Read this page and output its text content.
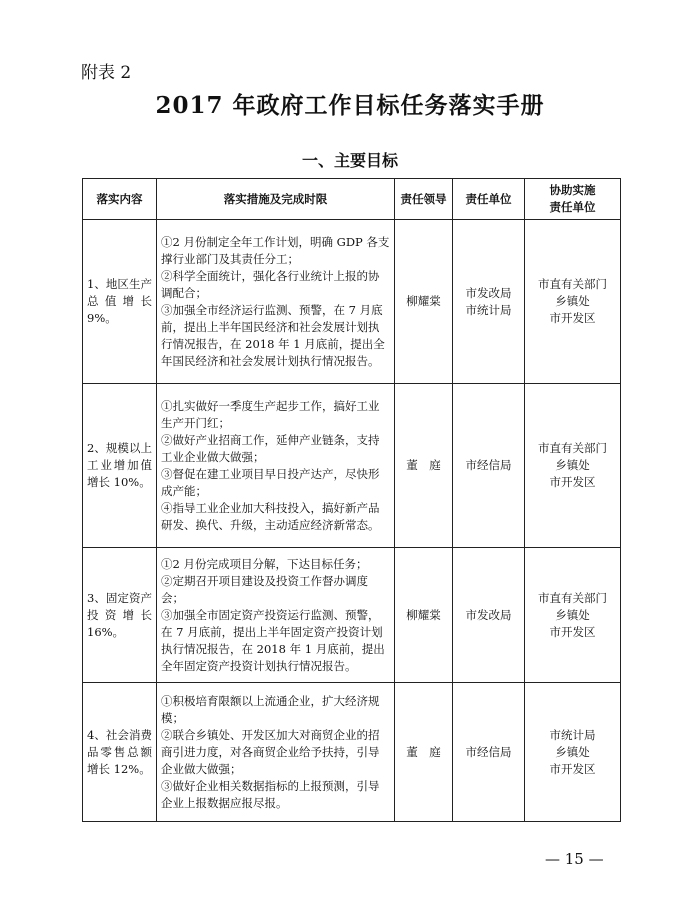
附表 2
2017 年政府工作目标任务落实手册
一、主要目标
落实内容	落实措施及完成时限	责任领导	责任单位	协助实施
责任单位

1、地区生产总值增长 9%。	①2 月份制定全年工作计划，明确 GDP 各支撑行业部门及其责任分工；
②科学全面统计，强化各行业统计上报的协调配合；
③加强全市经济运行监测、预警，在 7 月底前，提出上半年国民经济和社会发展计划执行情况报告，在 2018 年 1 月底前，提出全年国民经济和社会发展计划执行情况报告。	柳耀棠	市发改局
市统计局	市直有关部门
乡镇处
市开发区

2、规模以上工业增加值增长 10%。	①扎实做好一季度生产起步工作，搞好工业生产开门红；
②做好产业招商工作，延伸产业链条，支持工业企业做大做强；
③督促在建工业项目早日投产达产，尽快形成产能；
④指导工业企业加大科技投入，搞好新产品研发、换代、升级，主动适应经济新常态。	董　庭	市经信局	市直有关部门
乡镇处
市开发区

3、固定资产投资增长 16%。	①2 月份完成项目分解，下达目标任务；
②定期召开项目建设及投资工作督办调度会；
③加强全市固定资产投资运行监测、预警，在 7 月底前，提出上半年固定资产投资计划执行情况报告，在 2018 年 1 月底前，提出全年固定资产投资计划执行情况报告。	柳耀棠	市发改局	市直有关部门
乡镇处
市开发区

4、社会消费品零售总额增长 12%。	①积极培育限额以上流通企业，扩大经济规模；
②联合乡镇处、开发区加大对商贸企业的招商引进力度，对各商贸企业给予扶持，引导企业做大做强；
③做好企业相关数据指标的上报预测，引导企业上报数据应报尽报。	董　庭	市经信局	市统计局
乡镇处
市开发区
— 15 —
